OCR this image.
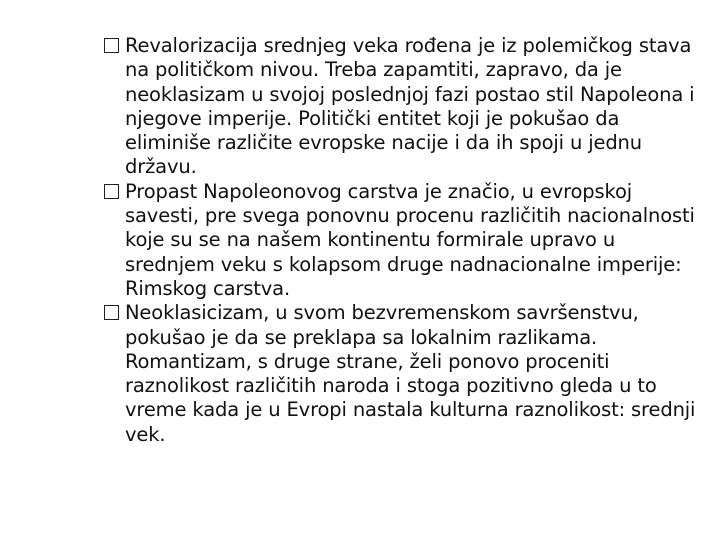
Revalorizacija srednjeg veka rođena je iz polemičkog stava na političkom nivou. Treba zapamtiti, zapravo, da je neoklasizam u svojoj poslednjoj fazi postao stil Napoleona i njegove imperije. Politički entitet koji je pokušao da eliminiše različite evropske nacije i da ih spoji u jednu državu.
Propast Napoleonovog carstva je značio, u evropskoj savesti, pre svega ponovnu procenu različitih nacionalnosti koje su se na našem kontinentu formirale upravo u srednjem veku s kolapsom druge nadnacionalne imperije: Rimskog carstva.
Neoklasicizam, u svom bezvremenskom savršenstvu, pokušao je da se preklapa sa lokalnim razlikama. Romantizam, s druge strane, želi ponovo proceniti raznolikost različitih naroda i stoga pozitivno gleda u to vreme kada je u Evropi nastala kulturna raznolikost: srednji vek.
